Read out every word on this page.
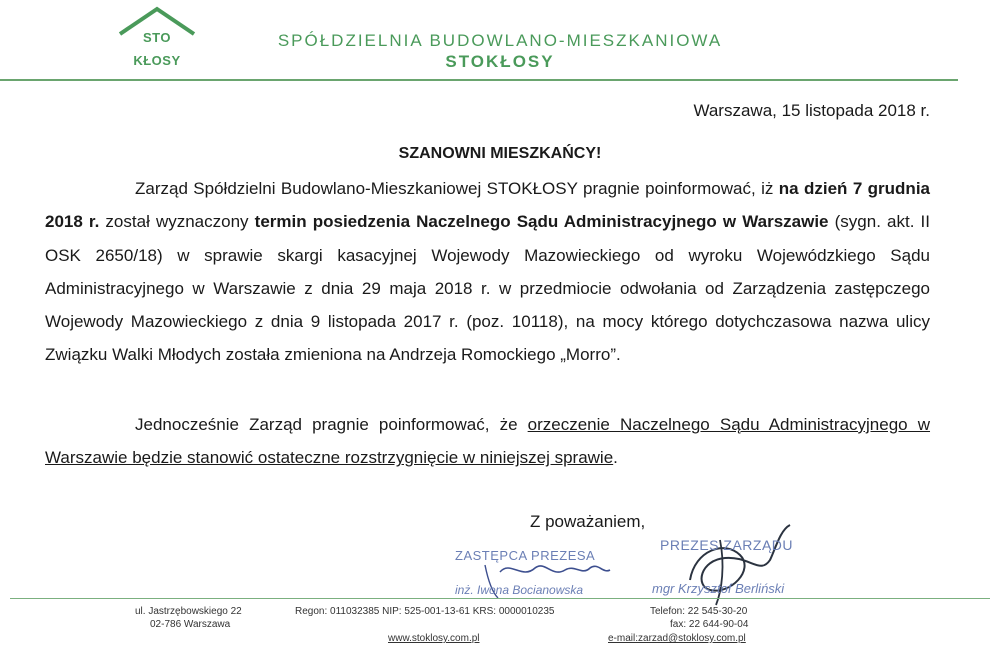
STO
KŁOSY
SPÓŁDZIELNIA BUDOWLANO-MIESZKANIOWA
STOKŁOSY
Warszawa, 15 listopada 2018 r.
SZANOWNI MIESZKAŃCY!
Zarząd Spółdzielni Budowlano-Mieszkaniowej STOKŁOSY pragnie poinformować, iż na dzień 7 grudnia 2018 r. został wyznaczony termin posiedzenia Naczelnego Sądu Administracyjnego w Warszawie (sygn. akt. II OSK 2650/18) w sprawie skargi kasacyjnej Wojewody Mazowieckiego od wyroku Wojewódzkiego Sądu Administracyjnego w Warszawie z dnia 29 maja 2018 r. w przedmiocie odwołania od Zarządzenia zastępczego Wojewody Mazowieckiego z dnia 9 listopada 2017 r. (poz. 10118), na mocy którego dotychczasowa nazwa ulicy Związku Walki Młodych została zmieniona na Andrzeja Romockiego „Morro”.
Jednocześnie Zarząd pragnie poinformować, że orzeczenie Naczelnego Sądu Administracyjnego w Warszawie będzie stanowić ostateczne rozstrzygnięcie w niniejszej sprawie.
Z poważaniem,
ZASTĘPCA PREZESA
inż. Iwona Bocianowska
PREZES ZARZĄDU
mgr Krzysztof Berliński
ul. Jastrzębowskiego 22
02-786 Warszawa
Regon: 011032385 NIP: 525-001-13-61 KRS: 0000010235
www.stoklosy.com.pl
Telefon: 22 545-30-20
fax: 22 644-90-04
e-mail:zarzad@stoklosy.com.pl
